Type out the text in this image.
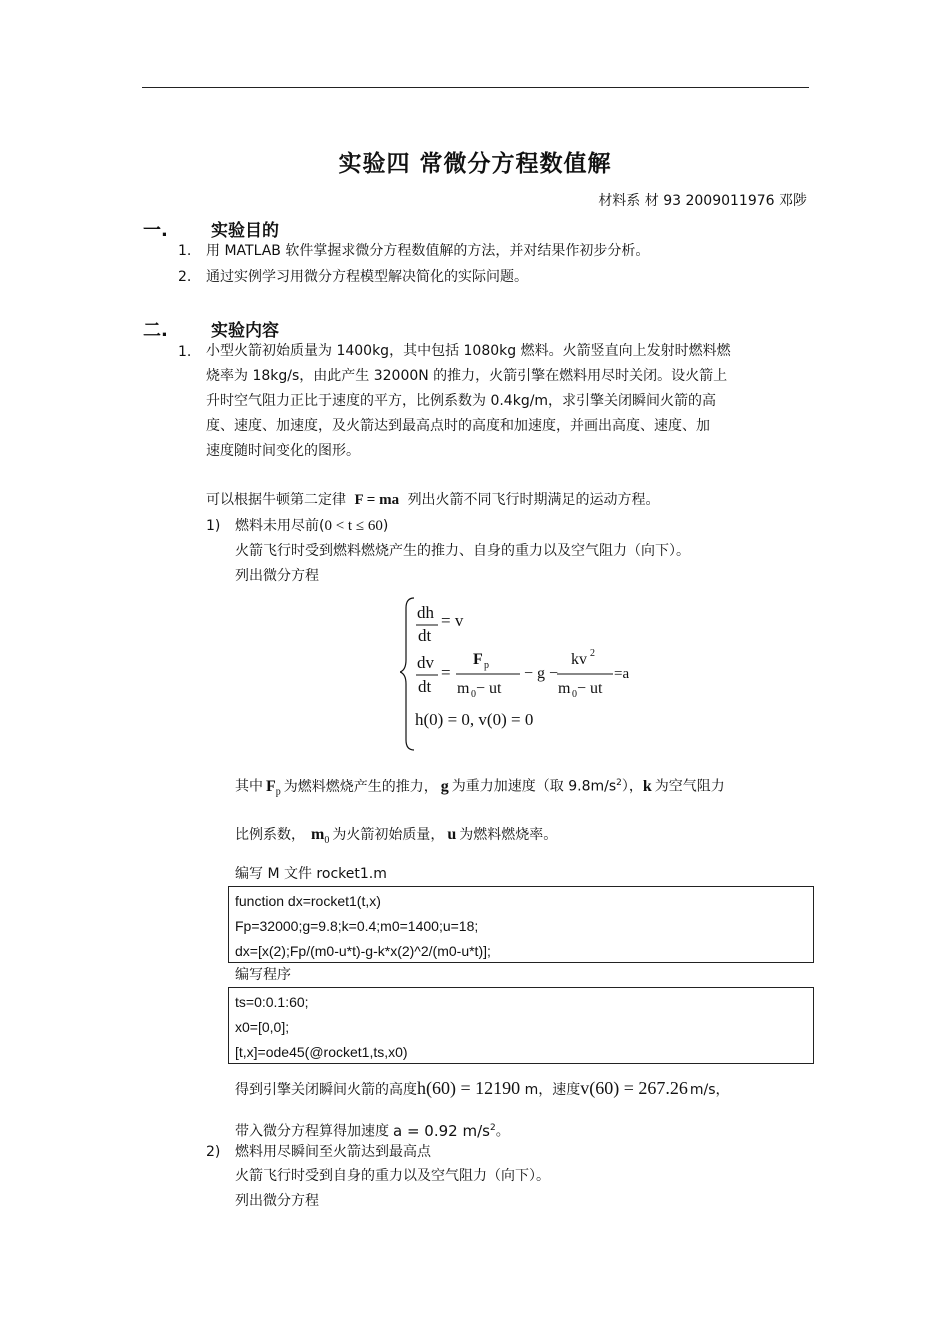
实验四 常微分方程数值解
材料系 材 93 2009011976 邓陟
一.	实验目的
1. 用 MATLAB 软件掌握求微分方程数值解的方法，并对结果作初步分析。
2. 通过实例学习用微分方程模型解决简化的实际问题。
二.	实验内容
1. 小型火箭初始质量为 1400kg，其中包括 1080kg 燃料。火箭竖直向上发射时燃料燃
烧率为 18kg/s，由此产生 32000N 的推力，火箭引擎在燃料用尽时关闭。设火箭上
升时空气阻力正比于速度的平方，比例系数为 0.4kg/m，求引擎关闭瞬间火箭的高
度、速度、加速度，及火箭达到最高点时的高度和加速度，并画出高度、速度、加
速度随时间变化的图形。
可以根据牛顿第二定律 F = ma 列出火箭不同飞行时期满足的运动方程。
1) 燃料未用尽前(0 < t ≤ 60)
火箭飞行时受到燃料燃烧产生的推力、自身的重力以及空气阻力（向下）。
列出微分方程
dh
dt
= v
dv
dt
=
F p
m 0 − ut
− g −
kv 2
m 0 − ut
=a
h(0) = 0, v(0) = 0
其中 $F_p$ 为燃料燃烧产生的推力， g 为重力加速度（取 $9.8m/s^2$），k 为空气阻力
比例系数， $m_0$ 为火箭初始质量， u 为燃料燃烧率。
编写 M 文件 rocket1.m
function dx=rocket1(t,x)
Fp=32000;g=9.8;k=0.4;m0=1400;u=18;
dx=[x(2);Fp/(m0-u*t)-g-k*x(2)^2/(m0-u*t)];
编写程序
ts=0:0.1:60;
x0=[0,0];
[t,x]=ode45(@rocket1,ts,x0)
得到引擎关闭瞬间火箭的高度h(60) = 12190 m，速度v(60) = 267.26 m/s，
带入微分方程算得加速度 a = 0.92 $m/s^2$。
2) 燃料用尽瞬间至火箭达到最高点
火箭飞行时受到自身的重力以及空气阻力（向下）。
列出微分方程
